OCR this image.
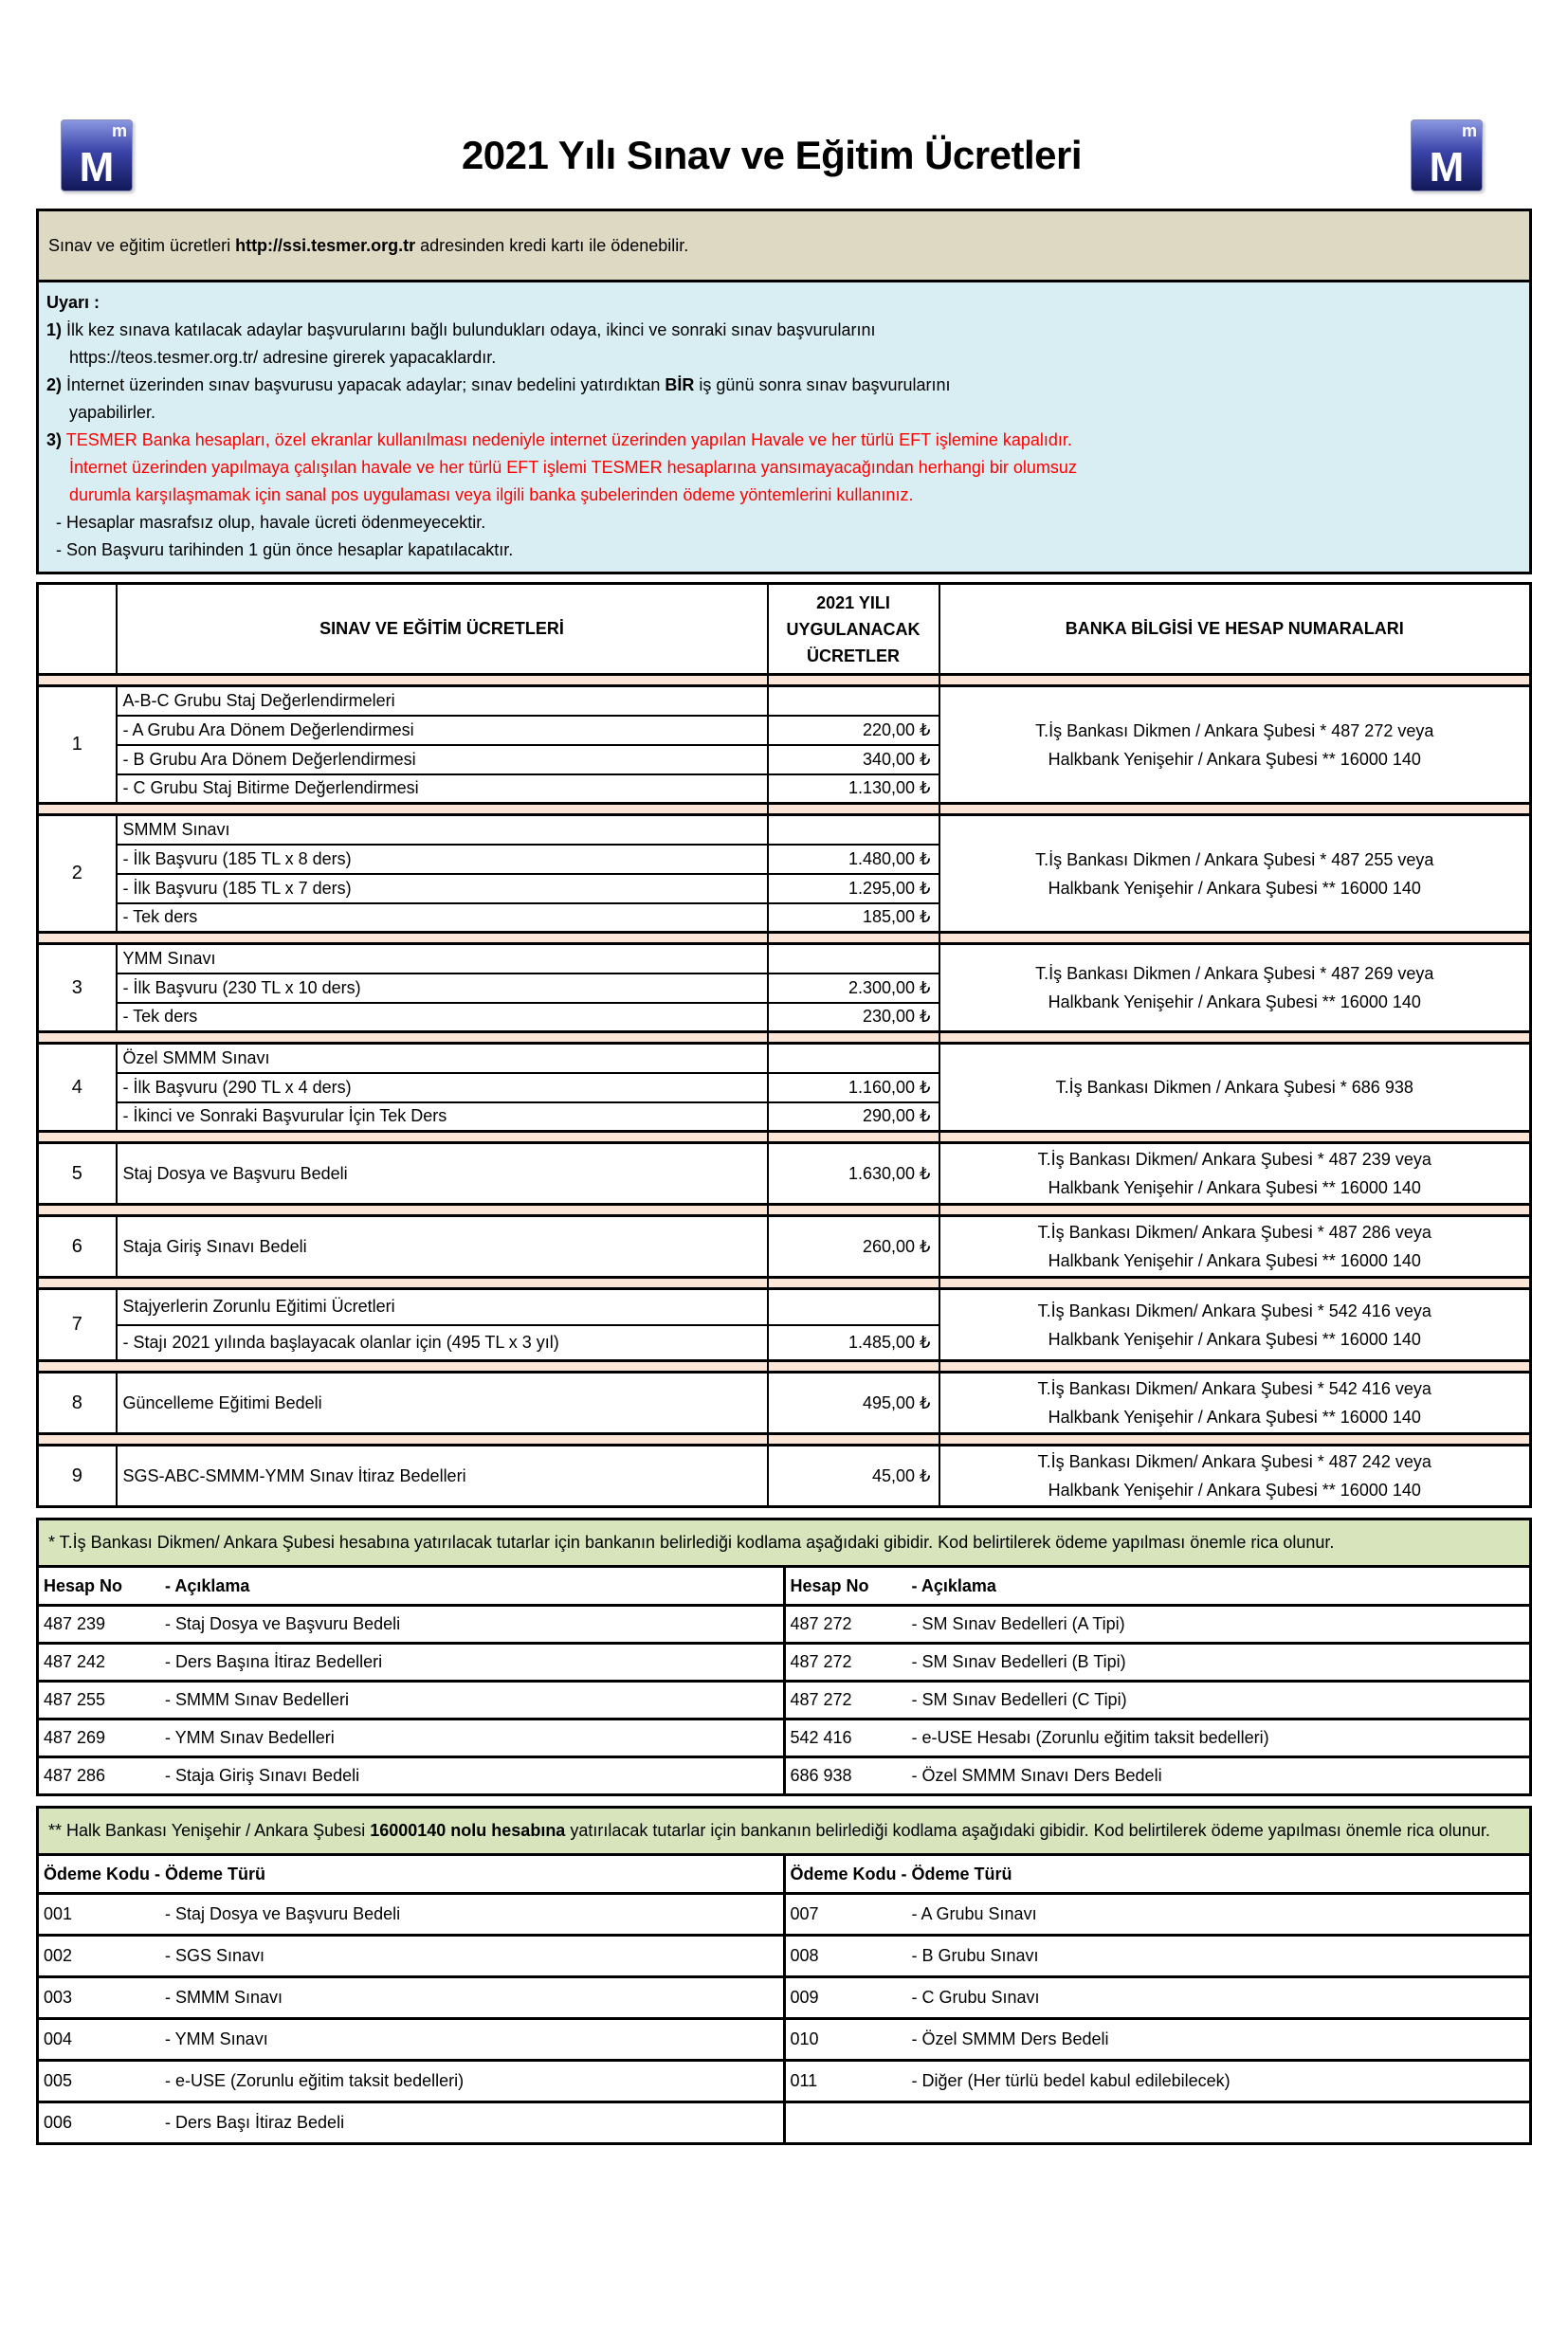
M
m
2021 Yılı Sınav ve Eğitim Ücretleri	M
m
Sınav ve eğitim ücretleri http://ssi.tesmer.org.tr adresinden kredi kartı ile ödenebilir.
Uyarı :
1) İlk kez sınava katılacak adaylar başvurularını bağlı bulundukları odaya, ikinci ve sonraki sınav başvurularını
https://teos.tesmer.org.tr/ adresine girerek yapacaklardır.
2) İnternet üzerinden sınav başvurusu yapacak adaylar; sınav bedelini yatırdıktan BİR iş günü sonra sınav başvurularını
yapabilirler.
3) TESMER Banka hesapları, özel ekranlar kullanılması nedeniyle internet üzerinden yapılan Havale ve her türlü EFT işlemine kapalıdır.
İnternet üzerinden yapılmaya çalışılan havale ve her türlü EFT işlemi TESMER hesaplarına yansımayacağından herhangi bir olumsuz
durumla karşılaşmamak için sanal pos uygulaması veya ilgili banka şubelerinden ödeme yöntemlerini kullanınız.
- Hesaplar masrafsız olup, havale ücreti ödenmeyecektir.
- Son Başvuru tarihinden 1 gün önce hesaplar kapatılacaktır.
	SINAV VE EĞİTİM ÜCRETLERİ	2021 YILI
UYGULANACAK
ÜCRETLER	BANKA BİLGİSİ VE HESAP NUMARALARI

1	A-B-C Grubu Staj Değerlendirmeleri		T.İş Bankası Dikmen / Ankara Şubesi * 487 272 veya
Halkbank Yenişehir / Ankara Şubesi ** 16000 140

	- A Grubu Ara Dönem Değerlendirmesi	220,00 ₺	
	- B Grubu Ara Dönem Değerlendirmesi	340,00 ₺	
	- C Grubu Staj Bitirme Değerlendirmesi	1.130,00 ₺	

2	SMMM Sınavı		T.İş Bankası Dikmen / Ankara Şubesi * 487 255 veya
Halkbank Yenişehir / Ankara Şubesi ** 16000 140

	- İlk Başvuru (185 TL x 8 ders)	1.480,00 ₺	
	- İlk Başvuru (185 TL x 7 ders)	1.295,00 ₺	
	- Tek ders	185,00 ₺	

3	YMM Sınavı		T.İş Bankası Dikmen / Ankara Şubesi * 487 269 veya
Halkbank Yenişehir / Ankara Şubesi ** 16000 140

	- İlk Başvuru (230 TL x 10 ders)	2.300,00 ₺	
	- Tek ders	230,00 ₺	

4	Özel SMMM Sınavı		T.İş Bankası Dikmen / Ankara Şubesi * 686 938

	- İlk Başvuru (290 TL x 4 ders)	1.160,00 ₺	
	- İkinci ve Sonraki Başvurular İçin Tek Ders	290,00 ₺	

5	Staj Dosya ve Başvuru Bedeli	1.630,00 ₺	T.İş Bankası Dikmen/ Ankara Şubesi * 487 239 veya
Halkbank Yenişehir / Ankara Şubesi ** 16000 140

6	Staja Giriş Sınavı Bedeli	260,00 ₺	T.İş Bankası Dikmen/ Ankara Şubesi * 487 286 veya
Halkbank Yenişehir / Ankara Şubesi ** 16000 140

7	Stajyerlerin Zorunlu Eğitimi Ücretleri		T.İş Bankası Dikmen/ Ankara Şubesi * 542 416 veya
Halkbank Yenişehir / Ankara Şubesi ** 16000 140

	- Stajı 2021 yılında başlayacak olanlar için (495 TL x 3 yıl)	1.485,00 ₺	

8	Güncelleme Eğitimi Bedeli	495,00 ₺	T.İş Bankası Dikmen/ Ankara Şubesi * 542 416 veya
Halkbank Yenişehir / Ankara Şubesi ** 16000 140

9	SGS-ABC-SMMM-YMM Sınav İtiraz Bedelleri	45,00 ₺	T.İş Bankası Dikmen/ Ankara Şubesi * 487 242 veya
Halkbank Yenişehir / Ankara Şubesi ** 16000 140
* T.İş Bankası Dikmen/ Ankara Şubesi hesabına yatırılacak tutarlar için bankanın belirlediği kodlama aşağıdaki gibidir. Kod belirtilerek ödeme yapılması önemle rica olunur.
Hesap No - Açıklama	Hesap No - Açıklama
487 239 - Staj Dosya ve Başvuru Bedeli	487 272 - SM Sınav Bedelleri (A Tipi)
487 242 - Ders Başına İtiraz Bedelleri	487 272 - SM Sınav Bedelleri (B Tipi)
487 255 - SMMM Sınav Bedelleri	487 272 - SM Sınav Bedelleri (C Tipi)
487 269 - YMM Sınav Bedelleri	542 416 - e-USE Hesabı (Zorunlu eğitim taksit bedelleri)
487 286 - Staja Giriş Sınavı Bedeli	686 938 - Özel SMMM Sınavı Ders Bedeli
** Halk Bankası Yenişehir / Ankara Şubesi 16000140 nolu hesabına yatırılacak tutarlar için bankanın belirlediği kodlama aşağıdaki gibidir. Kod belirtilerek ödeme yapılması önemle rica olunur.
Ödeme Kodu - Ödeme Türü	Ödeme Kodu - Ödeme Türü
001 - Staj Dosya ve Başvuru Bedeli	007 - A Grubu Sınavı
002 - SGS Sınavı	008 - B Grubu Sınavı
003 - SMMM Sınavı	009 - C Grubu Sınavı
004 - YMM Sınavı	010 - Özel SMMM Ders Bedeli
005 - e-USE (Zorunlu eğitim taksit bedelleri)	011 - Diğer (Her türlü bedel kabul edilebilecek)
006 - Ders Başı İtiraz Bedeli	
